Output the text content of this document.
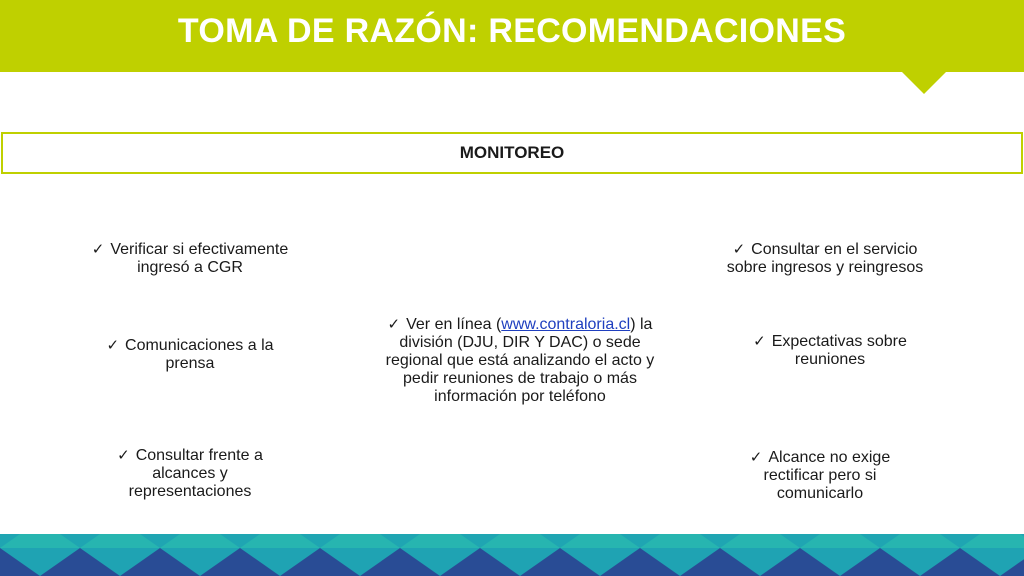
TOMA DE RAZÓN: RECOMENDACIONES
MONITOREO
✓ Verificar si efectivamente
ingresó a CGR
✓ Comunicaciones a la
prensa
✓ Consultar frente a
alcances y
representaciones
✓ Ver en línea (www.contraloria.cl) la
división (DJU, DIR Y DAC) o sede
regional que está analizando el acto y
pedir reuniones de trabajo o más
información por teléfono
✓ Consultar en el servicio
sobre ingresos y reingresos
✓ Expectativas sobre
reuniones
✓ Alcance no exige
rectificar pero si
comunicarlo
